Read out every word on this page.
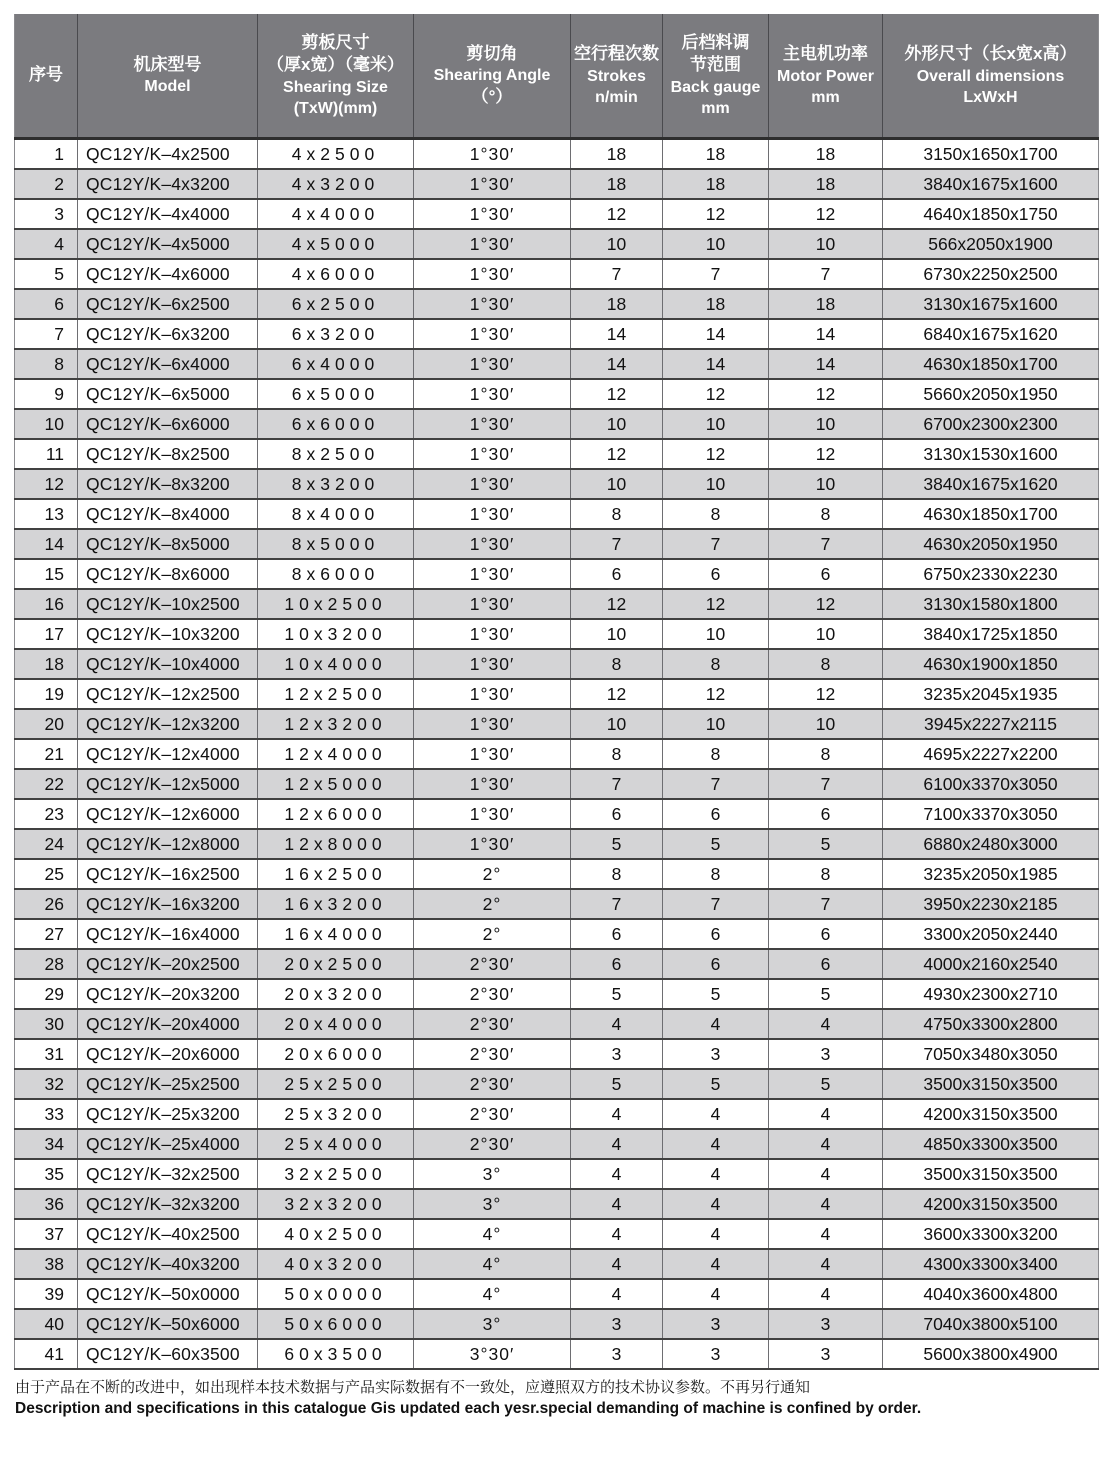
序号

机床型号
Model

剪板尺寸
（厚x宽）（毫米）
Shearing Size
(TxW)(mm)

剪切角
Shearing Angle
（°）

空行程次数
Strokes
n/min

后档料调
节范围
Back gauge
mm

主电机功率
Motor Power
mm

外形尺寸（长x宽x高）
Overall dimensions
LxWxH

1	QC12Y/K–4x2500	4x2500	1°30′	18	18	18	3150x1650x1700
2	QC12Y/K–4x3200	4x3200	1°30′	18	18	18	3840x1675x1600
3	QC12Y/K–4x4000	4x4000	1°30′	12	12	12	4640x1850x1750
4	QC12Y/K–4x5000	4x5000	1°30′	10	10	10	566x2050x1900
5	QC12Y/K–4x6000	4x6000	1°30′	7	7	7	6730x2250x2500
6	QC12Y/K–6x2500	6x2500	1°30′	18	18	18	3130x1675x1600
7	QC12Y/K–6x3200	6x3200	1°30′	14	14	14	6840x1675x1620
8	QC12Y/K–6x4000	6x4000	1°30′	14	14	14	4630x1850x1700
9	QC12Y/K–6x5000	6x5000	1°30′	12	12	12	5660x2050x1950
10	QC12Y/K–6x6000	6x6000	1°30′	10	10	10	6700x2300x2300
11	QC12Y/K–8x2500	8x2500	1°30′	12	12	12	3130x1530x1600
12	QC12Y/K–8x3200	8x3200	1°30′	10	10	10	3840x1675x1620
13	QC12Y/K–8x4000	8x4000	1°30′	8	8	8	4630x1850x1700
14	QC12Y/K–8x5000	8x5000	1°30′	7	7	7	4630x2050x1950
15	QC12Y/K–8x6000	8x6000	1°30′	6	6	6	6750x2330x2230
16	QC12Y/K–10x2500	10x2500	1°30′	12	12	12	3130x1580x1800
17	QC12Y/K–10x3200	10x3200	1°30′	10	10	10	3840x1725x1850
18	QC12Y/K–10x4000	10x4000	1°30′	8	8	8	4630x1900x1850
19	QC12Y/K–12x2500	12x2500	1°30′	12	12	12	3235x2045x1935
20	QC12Y/K–12x3200	12x3200	1°30′	10	10	10	3945x2227x2115
21	QC12Y/K–12x4000	12x4000	1°30′	8	8	8	4695x2227x2200
22	QC12Y/K–12x5000	12x5000	1°30′	7	7	7	6100x3370x3050
23	QC12Y/K–12x6000	12x6000	1°30′	6	6	6	7100x3370x3050
24	QC12Y/K–12x8000	12x8000	1°30′	5	5	5	6880x2480x3000
25	QC12Y/K–16x2500	16x2500	2°	8	8	8	3235x2050x1985
26	QC12Y/K–16x3200	16x3200	2°	7	7	7	3950x2230x2185
27	QC12Y/K–16x4000	16x4000	2°	6	6	6	3300x2050x2440
28	QC12Y/K–20x2500	20x2500	2°30′	6	6	6	4000x2160x2540
29	QC12Y/K–20x3200	20x3200	2°30′	5	5	5	4930x2300x2710
30	QC12Y/K–20x4000	20x4000	2°30′	4	4	4	4750x3300x2800
31	QC12Y/K–20x6000	20x6000	2°30′	3	3	3	7050x3480x3050
32	QC12Y/K–25x2500	25x2500	2°30′	5	5	5	3500x3150x3500
33	QC12Y/K–25x3200	25x3200	2°30′	4	4	4	4200x3150x3500
34	QC12Y/K–25x4000	25x4000	2°30′	4	4	4	4850x3300x3500
35	QC12Y/K–32x2500	32x2500	3°	4	4	4	3500x3150x3500
36	QC12Y/K–32x3200	32x3200	3°	4	4	4	4200x3150x3500
37	QC12Y/K–40x2500	40x2500	4°	4	4	4	3600x3300x3200
38	QC12Y/K–40x3200	40x3200	4°	4	4	4	4300x3300x3400
39	QC12Y/K–50x0000	50x0000	4°	4	4	4	4040x3600x4800
40	QC12Y/K–50x6000	50x6000	3°	3	3	3	7040x3800x5100
41	QC12Y/K–60x3500	60x3500	3°30′	3	3	3	5600x3800x4900
由于产品在不断的改进中，如出现样本技术数据与产品实际数据有不一致处，应遵照双方的技术协议参数。不再另行通知
Description and specifications in this catalogue Gis updated each yesr.special demanding of machine is confined by order.
